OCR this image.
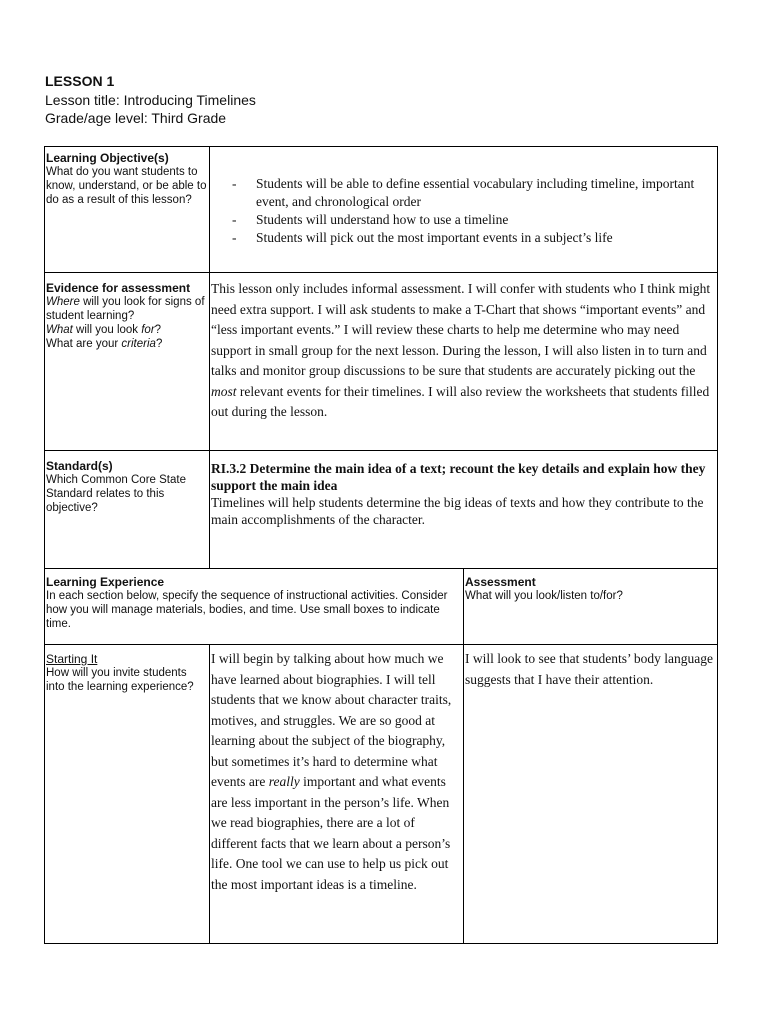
LESSON 1
Lesson title: Introducing Timelines
Grade/age level: Third Grade
Learning Objective(s)
What do you want students to know, understand, or be able to do as a result of this lesson?
- Students will be able to define essential vocabulary including timeline, important event, and chronological order
- Students will understand how to use a timeline
- Students will pick out the most important events in a subject’s life
Evidence for assessment
Where will you look for signs of student learning?
What will you look for?
What are your criteria?
This lesson only includes informal assessment. I will confer with students who I think might need extra support. I will ask students to make a T-Chart that shows “important events” and “less important events.” I will review these charts to help me determine who may need support in small group for the next lesson. During the lesson, I will also listen in to turn and talks and monitor group discussions to be sure that students are accurately picking out the most relevant events for their timelines. I will also review the worksheets that students filled out during the lesson.
Standard(s)
Which Common Core State Standard relates to this objective?
RI.3.2 Determine the main idea of a text; recount the key details and explain how they support the main idea
Timelines will help students determine the big ideas of texts and how they contribute to the main accomplishments of the character.
Learning Experience
In each section below, specify the sequence of instructional activities. Consider how you will manage materials, bodies, and time. Use small boxes to indicate time.
Assessment
What will you look/listen to/for?
Starting It
How will you invite students into the learning experience?
I will begin by talking about how much we have learned about biographies. I will tell students that we know about character traits, motives, and struggles. We are so good at learning about the subject of the biography, but sometimes it’s hard to determine what events are really important and what events are less important in the person’s life. When we read biographies, there are a lot of different facts that we learn about a person’s life. One tool we can use to help us pick out the most important ideas is a timeline.
I will look to see that students’ body language suggests that I have their attention.
